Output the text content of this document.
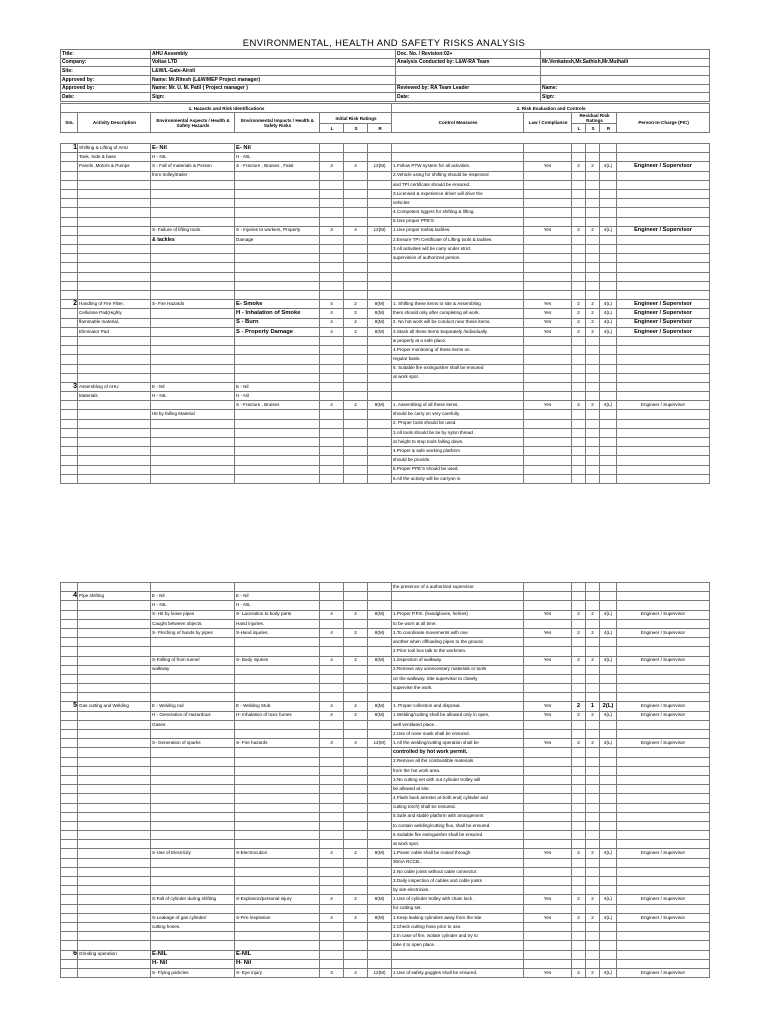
ENVIRONMENTAL, HEALTH AND SAFETY RISKS ANALYSIS
Title:	AHU Assembly	Doc. No. / Revision:02+	
Company:	Voltas LTD	Analysis Conducted by: L&W-RA Team	Mr.Venkatesh,Mr.Sathish,Mr.Muthaili
Site:	L&W/L-Gate-Airoli		
Approved by:	Name: Mr.Ritesh (L&W/MEP Project manager)		
Approved by:	Name: Mr. U. M. Patil ( Project manager )	Reviewed by: RA Team Leader	Name:
Date:	Sign:	Date:	Sign:
1. Hazards and Risk Identifications							2. Risk Evaluation and Controls					
Sm.	Activity Description	Environmental Aspects / Health & Safety Hazards	Environmental Impacts / Health & Safety Risks	Initial Risk Ratings			Control Measures	Law / Compliance	Residual Risk Ratings			Person-In-Charge (PIC)
				L	S	R			L	S	R	
1	Shifting & Lifting of AHU	E- Nil	E- Nil									
	Tank, Side & base	H - NIL	H - NIL									
	Panels ,Motors & Pumps	S - Fall of materials & Person	S - Fracture , Bruises , Fatal	3	4	12(M)	1.Follow PTW system for all activities.	Yes	2	2	4(L)	Engineer / Supervisor
		from trolley/trailer					2.Vehicle using for shifting should be inspected					
							and TPI certificate should be ensured.					
							3.Licensed & experience driver will drive the					
							vehicles					
							4.Competent riggers for shifting & lifting.					
							5.Use proper PPE'S					
		S- Failure of lifting tools .	S - Injuries to workers, Property	3	4	12(M)	1.Use proper tools& tackles.	Yes	2	2	4(L)	Engineer / Supervisor
		& tackles	Damage				2.Ensure TPI Certificate of Lifting tools & tackles.					
							3.All activities will be carry under strict					
							supervision of authorized person.					

2	Handling of Fire Filter,	S- Fire Hazards	E- Smoke	4	2	8(M)	1. Shifting these items to site & Assembling	Yes	2	2	4(L)	Engineer / Supervisor
	Cellulose Pad(Highly		H - Inhalation of Smoke	4	2	8(M)	them should only after completing all work.	Yes	2	2	4(L)	Engineer / Supervisor
	flammable material,		S - Burn	4	2	8(M)	2. No hot work will be conduct near these items.	Yes	2	2	4(L)	Engineer / Supervisor
	Eliminator Pad		S - Property Damage	4	2	8(M)	3.Stack all these items Separately /individually	Yes	2	2	4(L)	Engineer / Supervisor
							& properly at a safe place.					
							4.Proper monitoring of these items on					
							regular basis.					
							5. Suitable fire extinguisher shall be ensured					
							at work spot.					
3	Assembling of AHU	E - Nil	E - Nil									
	Materials	H - NIL	H - Nil									
			S - Fracture , Bruises	4	2	8(M)	1. Assembling of all these items.	Yes	2	2	4(L)	Engineer / Supervisor
		Hit by falling Material					should be carry on very carefully.					
							2. Proper tools should be used.					
							3.All tools should be tie by nylon thread .					
							at height to stop tools falling down.					
							4.Proper & safe working platform					
							should be provide.					
							5.Proper PPE'S should be used.					
							6.All the activity will be carryon in					
							the presence of a authorized supervisor.					
4	Pipe shifting	E - Nil	E - Nil									
		H - NIL	H - NIL									
		S- Hit by loose pipes	S- Laceration to body parts	4	2	8(M)	1.Proper P.P.E. (handgloves, helmet)	Yes	2	2	4(L)	Engineer / Supervisor
		Caught between objects.	Hand injuries.				to be worn at all time.					
		S- Pinching of hands by pipes	S-Hand injuries.	4	2	8(M)	1.To coordinate movements with one	Yes	2	2	4(L)	Engineer / Supervisor
							another when offloading pipes to the ground.					
							2.Prior tool box talk to the workmen.					
		S-Falling of from tunnel	S- Body injuries	4	2	8(M)	1.inspection of walkway	Yes	2	2	4(L)	Engineer / Supervisor
		walkway					2.Remove any unnecessary materials or tools					
							on the walkway. Site supervisor to closely					
							supervise the work.					

5	Gas cutting and Welding	E - Welding rod	E - Welding Stub	4	2	8(M)	1. Proper collection and disposal.	Yes	2	1	2(L)	Engineer / Supervisor
		H - Generation of Hazardous	H- Inhalation of toxic fumes	4	2	8(M)	1.Welding/cutting shall be allowed only in open,	Yes	2	2	4(L)	Engineer / Supervisor
		Gases					well ventilated place .					
							2.Use of nose mask shall be ensured.					
		S- Generation of sparks	S- Fire hazards	3	4	12(M)	1.All the welding/cutting operation shall be	Yes	2	2	4(L)	Engineer / Supervisor
							controlled by hot work permit.					
							2.Remove all the combustible materials					
							from the hot work area.					
							3.No cutting set with out cylinder trolley will					
							be allowed at site.					
							4.Flash back arrester at both end( cylinder and					
							cutting torch) shall be ensured.					
							5.Safe and stable platform with arrangement					
							to contain welding/cutting flux, shall be ensured.					
							6.Suitable fire extinguisher shall be ensured					
							at work spot.					
		S-Use of Electricity	S-Electrocution	4	2	8(M)	1.Power cable shall be routed through	Yes	2	2	4(L)	Engineer / Supervisor
							30mA RCCB..					
							2.No cable joints without cable connector.					
							3.Daily inspection of cables and cable joints					
							by site electrician.					
		S-Fall of cylinder during shifting	S-Explosion/personal injury	4	2	8(M)	1.Use of cylinder trolley with chain lock .	Yes	2	2	4(L)	Engineer / Supervisor
							for cutting set.					
		S-Leakage of gas cylinder/	S-Fire /explosion	4	2	8(M)	1.Keep leaking cylinders away from the site.	Yes	2	2	4(L)	Engineer / Supervisor
		cutting hoses.					2.Check cutting hose prior to use.					
							3.In case of fire, isolate cylinder and try to					
							take it to open place.					
6	Grinding operation	E-NIL	E-NIL									
		H- Nil	H- Nil									
		S- Flying particles	S- Eye injury	3	4	12(M)	1.Use of safety goggles shall be ensured.	Yes	2	2	4(L)	Engineer / Supervisor
